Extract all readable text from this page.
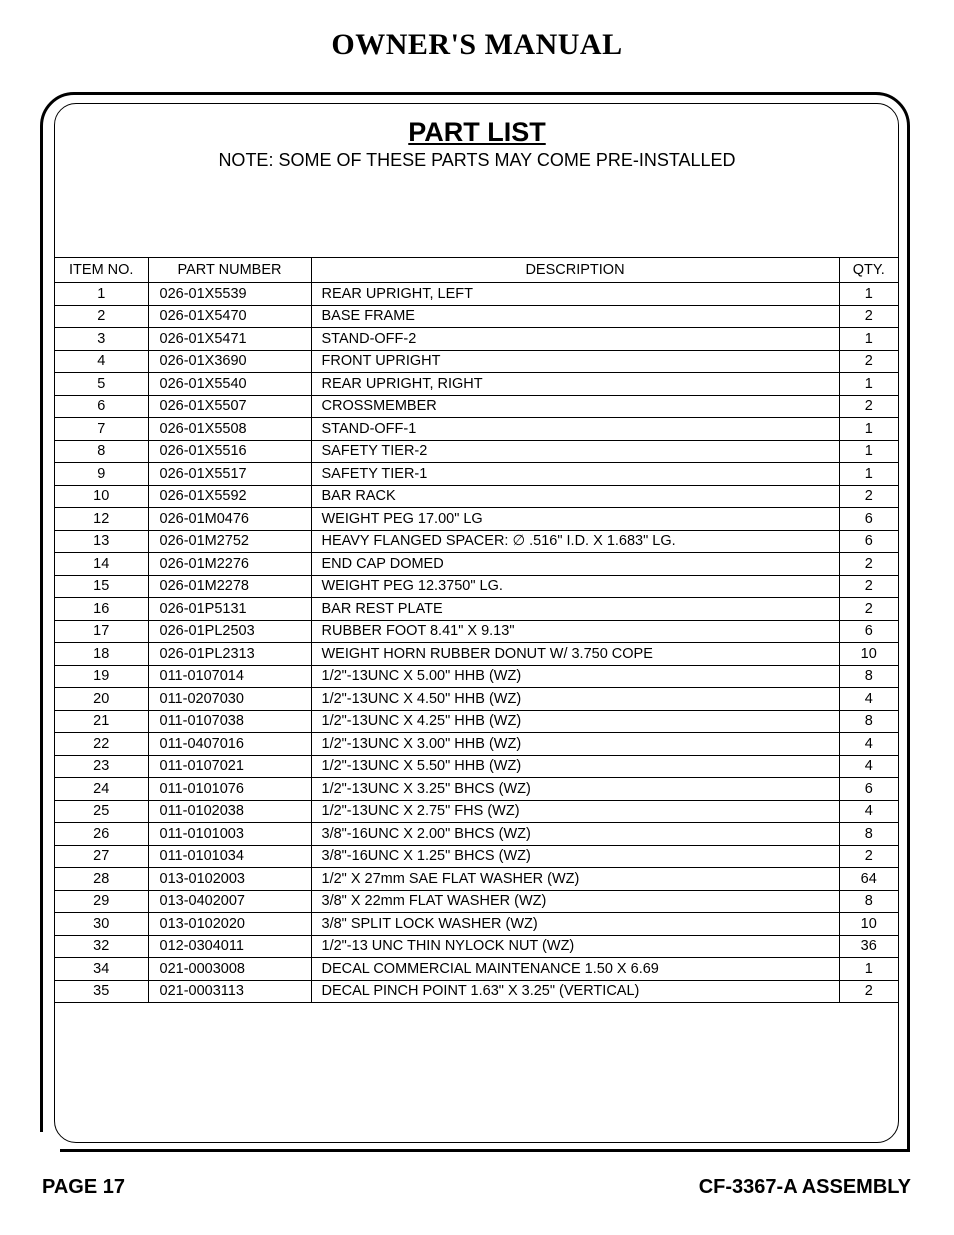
OWNER'S MANUAL
PART LIST
NOTE: SOME OF THESE PARTS MAY COME PRE-INSTALLED
ITEM NO.	PART NUMBER	DESCRIPTION	QTY.
1	026-01X5539	REAR UPRIGHT, LEFT	1
2	026-01X5470	BASE FRAME	2
3	026-01X5471	STAND-OFF-2	1
4	026-01X3690	FRONT UPRIGHT	2
5	026-01X5540	REAR UPRIGHT, RIGHT	1
6	026-01X5507	CROSSMEMBER	2
7	026-01X5508	STAND-OFF-1	1
8	026-01X5516	SAFETY TIER-2	1
9	026-01X5517	SAFETY TIER-1	1
10	026-01X5592	BAR RACK	2
12	026-01M0476	WEIGHT PEG 17.00" LG	6
13	026-01M2752	HEAVY FLANGED SPACER: ∅ .516" I.D. X 1.683" LG.	6
14	026-01M2276	END CAP DOMED	2
15	026-01M2278	WEIGHT PEG 12.3750" LG.	2
16	026-01P5131	BAR REST PLATE	2
17	026-01PL2503	RUBBER FOOT 8.41" X 9.13"	6
18	026-01PL2313	WEIGHT HORN RUBBER DONUT W/ 3.750 COPE	10
19	011-0107014	1/2"-13UNC X 5.00" HHB (WZ)	8
20	011-0207030	1/2"-13UNC X 4.50" HHB (WZ)	4
21	011-0107038	1/2"-13UNC X 4.25" HHB (WZ)	8
22	011-0407016	1/2"-13UNC X 3.00" HHB (WZ)	4
23	011-0107021	1/2"-13UNC X 5.50" HHB (WZ)	4
24	011-0101076	1/2"-13UNC X 3.25" BHCS (WZ)	6
25	011-0102038	1/2"-13UNC X 2.75" FHS (WZ)	4
26	011-0101003	3/8"-16UNC X 2.00" BHCS (WZ)	8
27	011-0101034	3/8"-16UNC X 1.25" BHCS (WZ)	2
28	013-0102003	1/2" X 27mm SAE FLAT WASHER (WZ)	64
29	013-0402007	3/8" X 22mm FLAT WASHER (WZ)	8
30	013-0102020	3/8" SPLIT LOCK WASHER (WZ)	10
32	012-0304011	1/2"-13 UNC THIN NYLOCK NUT (WZ)	36
34	021-0003008	DECAL COMMERCIAL MAINTENANCE 1.50 X 6.69	1
35	021-0003113	DECAL PINCH POINT 1.63" X 3.25" (VERTICAL)	2
PAGE 17	CF-3367-A ASSEMBLY
